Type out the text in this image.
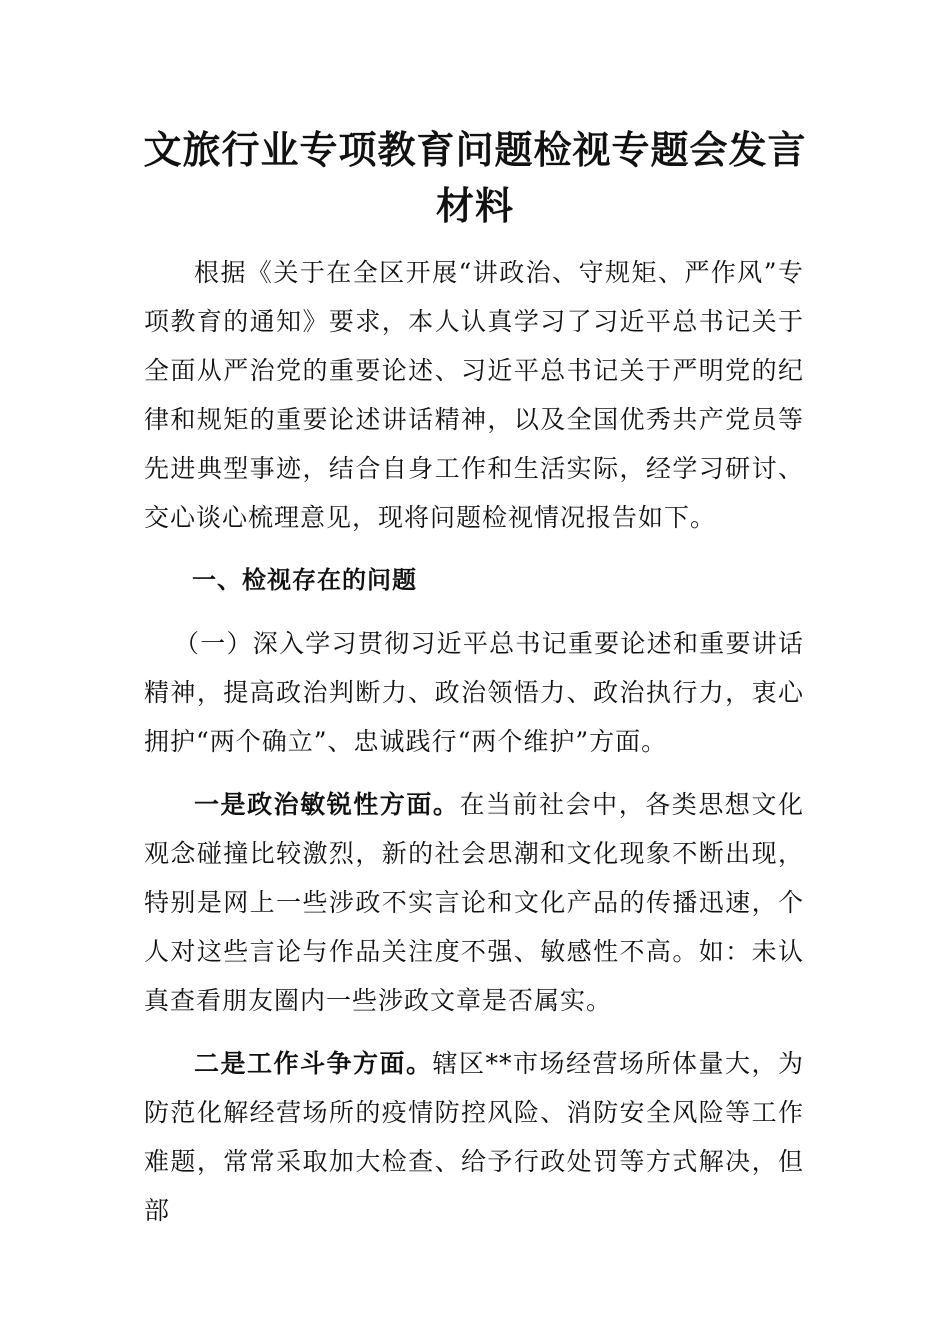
文旅行业专项教育问题检视专题会发言材料

根据《关于在全区开展“讲政治、守规矩、严作风”专项教育的通知》要求，本人认真学习了习近平总书记关于全面从严治党的重要论述、习近平总书记关于严明党的纪律和规矩的重要论述讲话精神，以及全国优秀共产党员等先进典型事迹，结合自身工作和生活实际，经学习研讨、交心谈心梳理意见，现将问题检视情况报告如下。

一、检视存在的问题

（一）深入学习贯彻习近平总书记重要论述和重要讲话精神，提高政治判断力、政治领悟力、政治执行力，衷心拥护“两个确立”、忠诚践行“两个维护”方面。

一是政治敏锐性方面。在当前社会中，各类思想文化观念碰撞比较激烈，新的社会思潮和文化现象不断出现，特别是网上一些涉政不实言论和文化产品的传播迅速，个人对这些言论与作品关注度不强、敏感性不高。如：未认真查看朋友圈内一些涉政文章是否属实。

二是工作斗争方面。辖区**市场经营场所体量大，为防范化解经营场所的疫情防控风险、消防安全风险等工作难题，常常采取加大检查、给予行政处罚等方式解决，但部
